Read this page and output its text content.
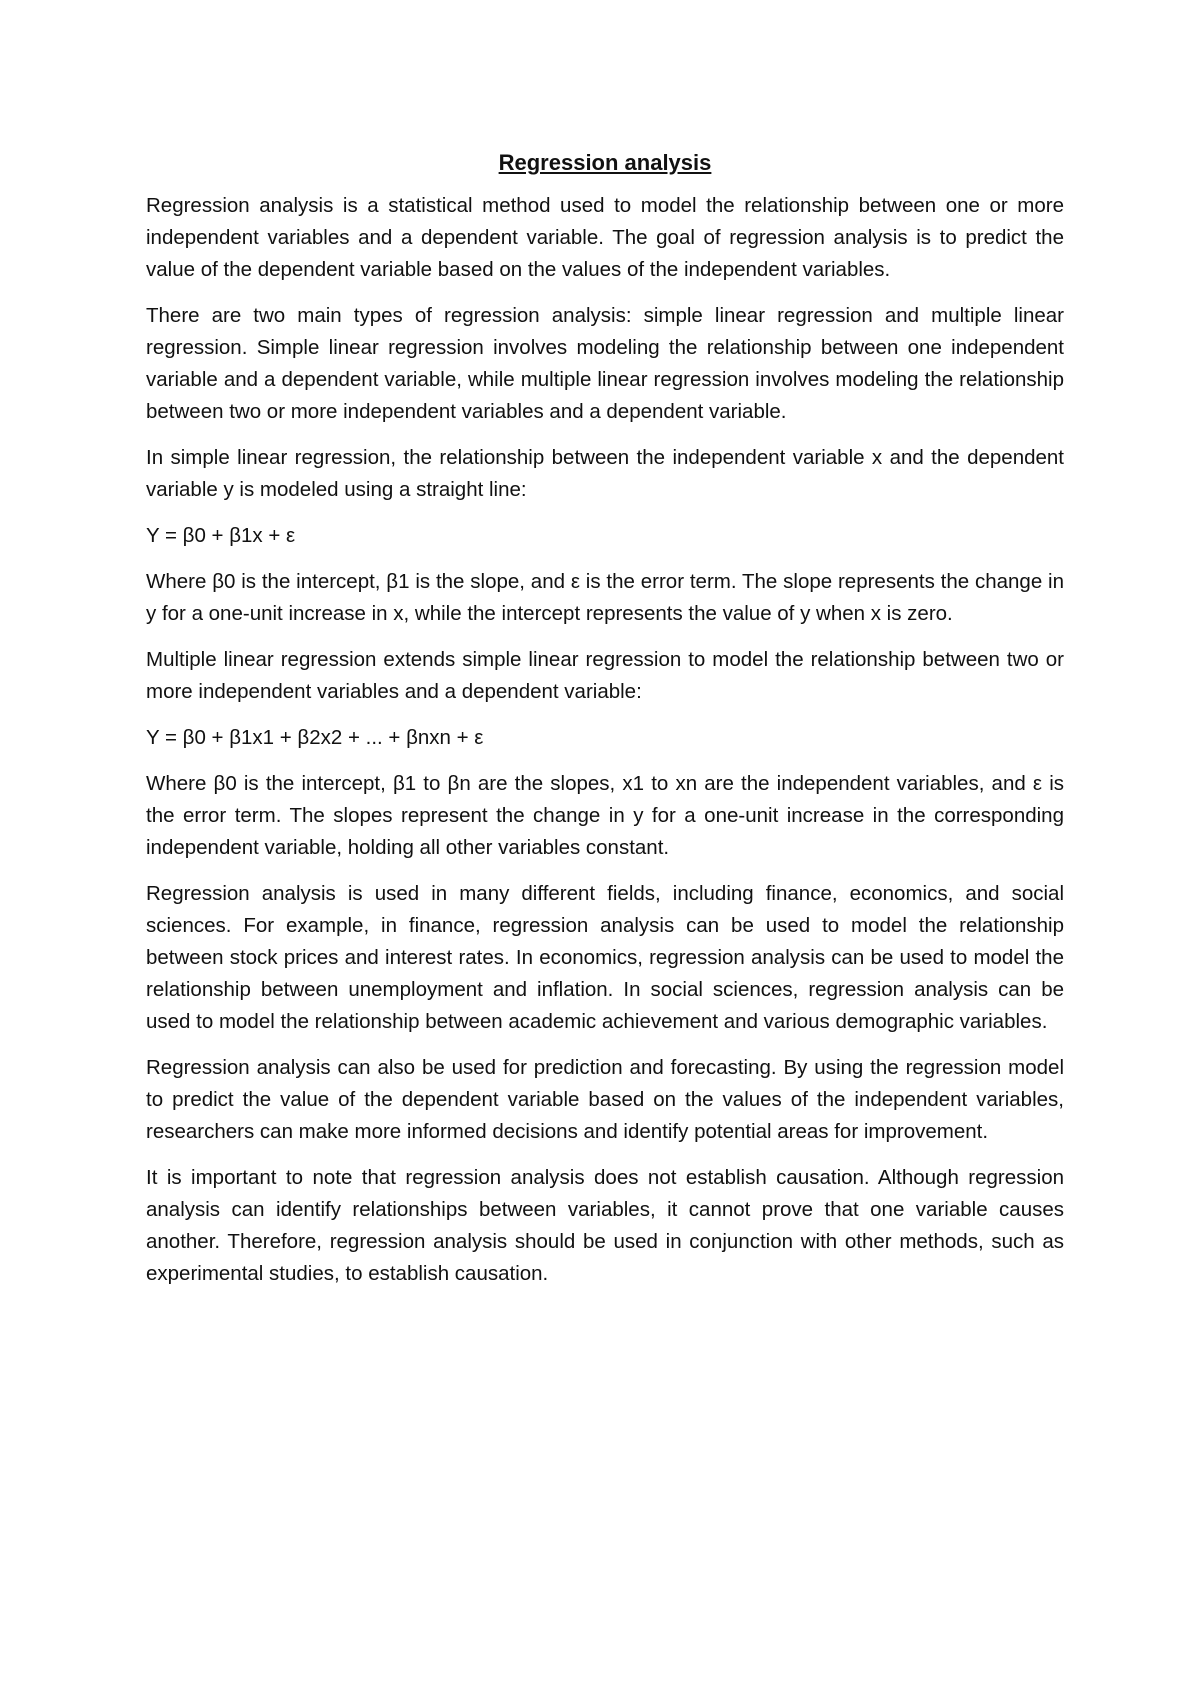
Regression analysis

Regression analysis is a statistical method used to model the relationship between one or more independent variables and a dependent variable. The goal of regression analysis is to predict the value of the dependent variable based on the values of the independent variables.

There are two main types of regression analysis: simple linear regression and multiple linear regression. Simple linear regression involves modeling the relationship between one independent variable and a dependent variable, while multiple linear regression involves modeling the relationship between two or more independent variables and a dependent variable.

In simple linear regression, the relationship between the independent variable x and the dependent variable y is modeled using a straight line:

Y = β0 + β1x + ε

Where β0 is the intercept, β1 is the slope, and ε is the error term. The slope represents the change in y for a one-unit increase in x, while the intercept represents the value of y when x is zero.

Multiple linear regression extends simple linear regression to model the relationship between two or more independent variables and a dependent variable:

Y = β0 + β1x1 + β2x2 + ... + βnxn + ε

Where β0 is the intercept, β1 to βn are the slopes, x1 to xn are the independent variables, and ε is the error term. The slopes represent the change in y for a one-unit increase in the corresponding independent variable, holding all other variables constant.

Regression analysis is used in many different fields, including finance, economics, and social sciences. For example, in finance, regression analysis can be used to model the relationship between stock prices and interest rates. In economics, regression analysis can be used to model the relationship between unemployment and inflation. In social sciences, regression analysis can be used to model the relationship between academic achievement and various demographic variables.

Regression analysis can also be used for prediction and forecasting. By using the regression model to predict the value of the dependent variable based on the values of the independent variables, researchers can make more informed decisions and identify potential areas for improvement.

It is important to note that regression analysis does not establish causation. Although regression analysis can identify relationships between variables, it cannot prove that one variable causes another. Therefore, regression analysis should be used in conjunction with other methods, such as experimental studies, to establish causation.
